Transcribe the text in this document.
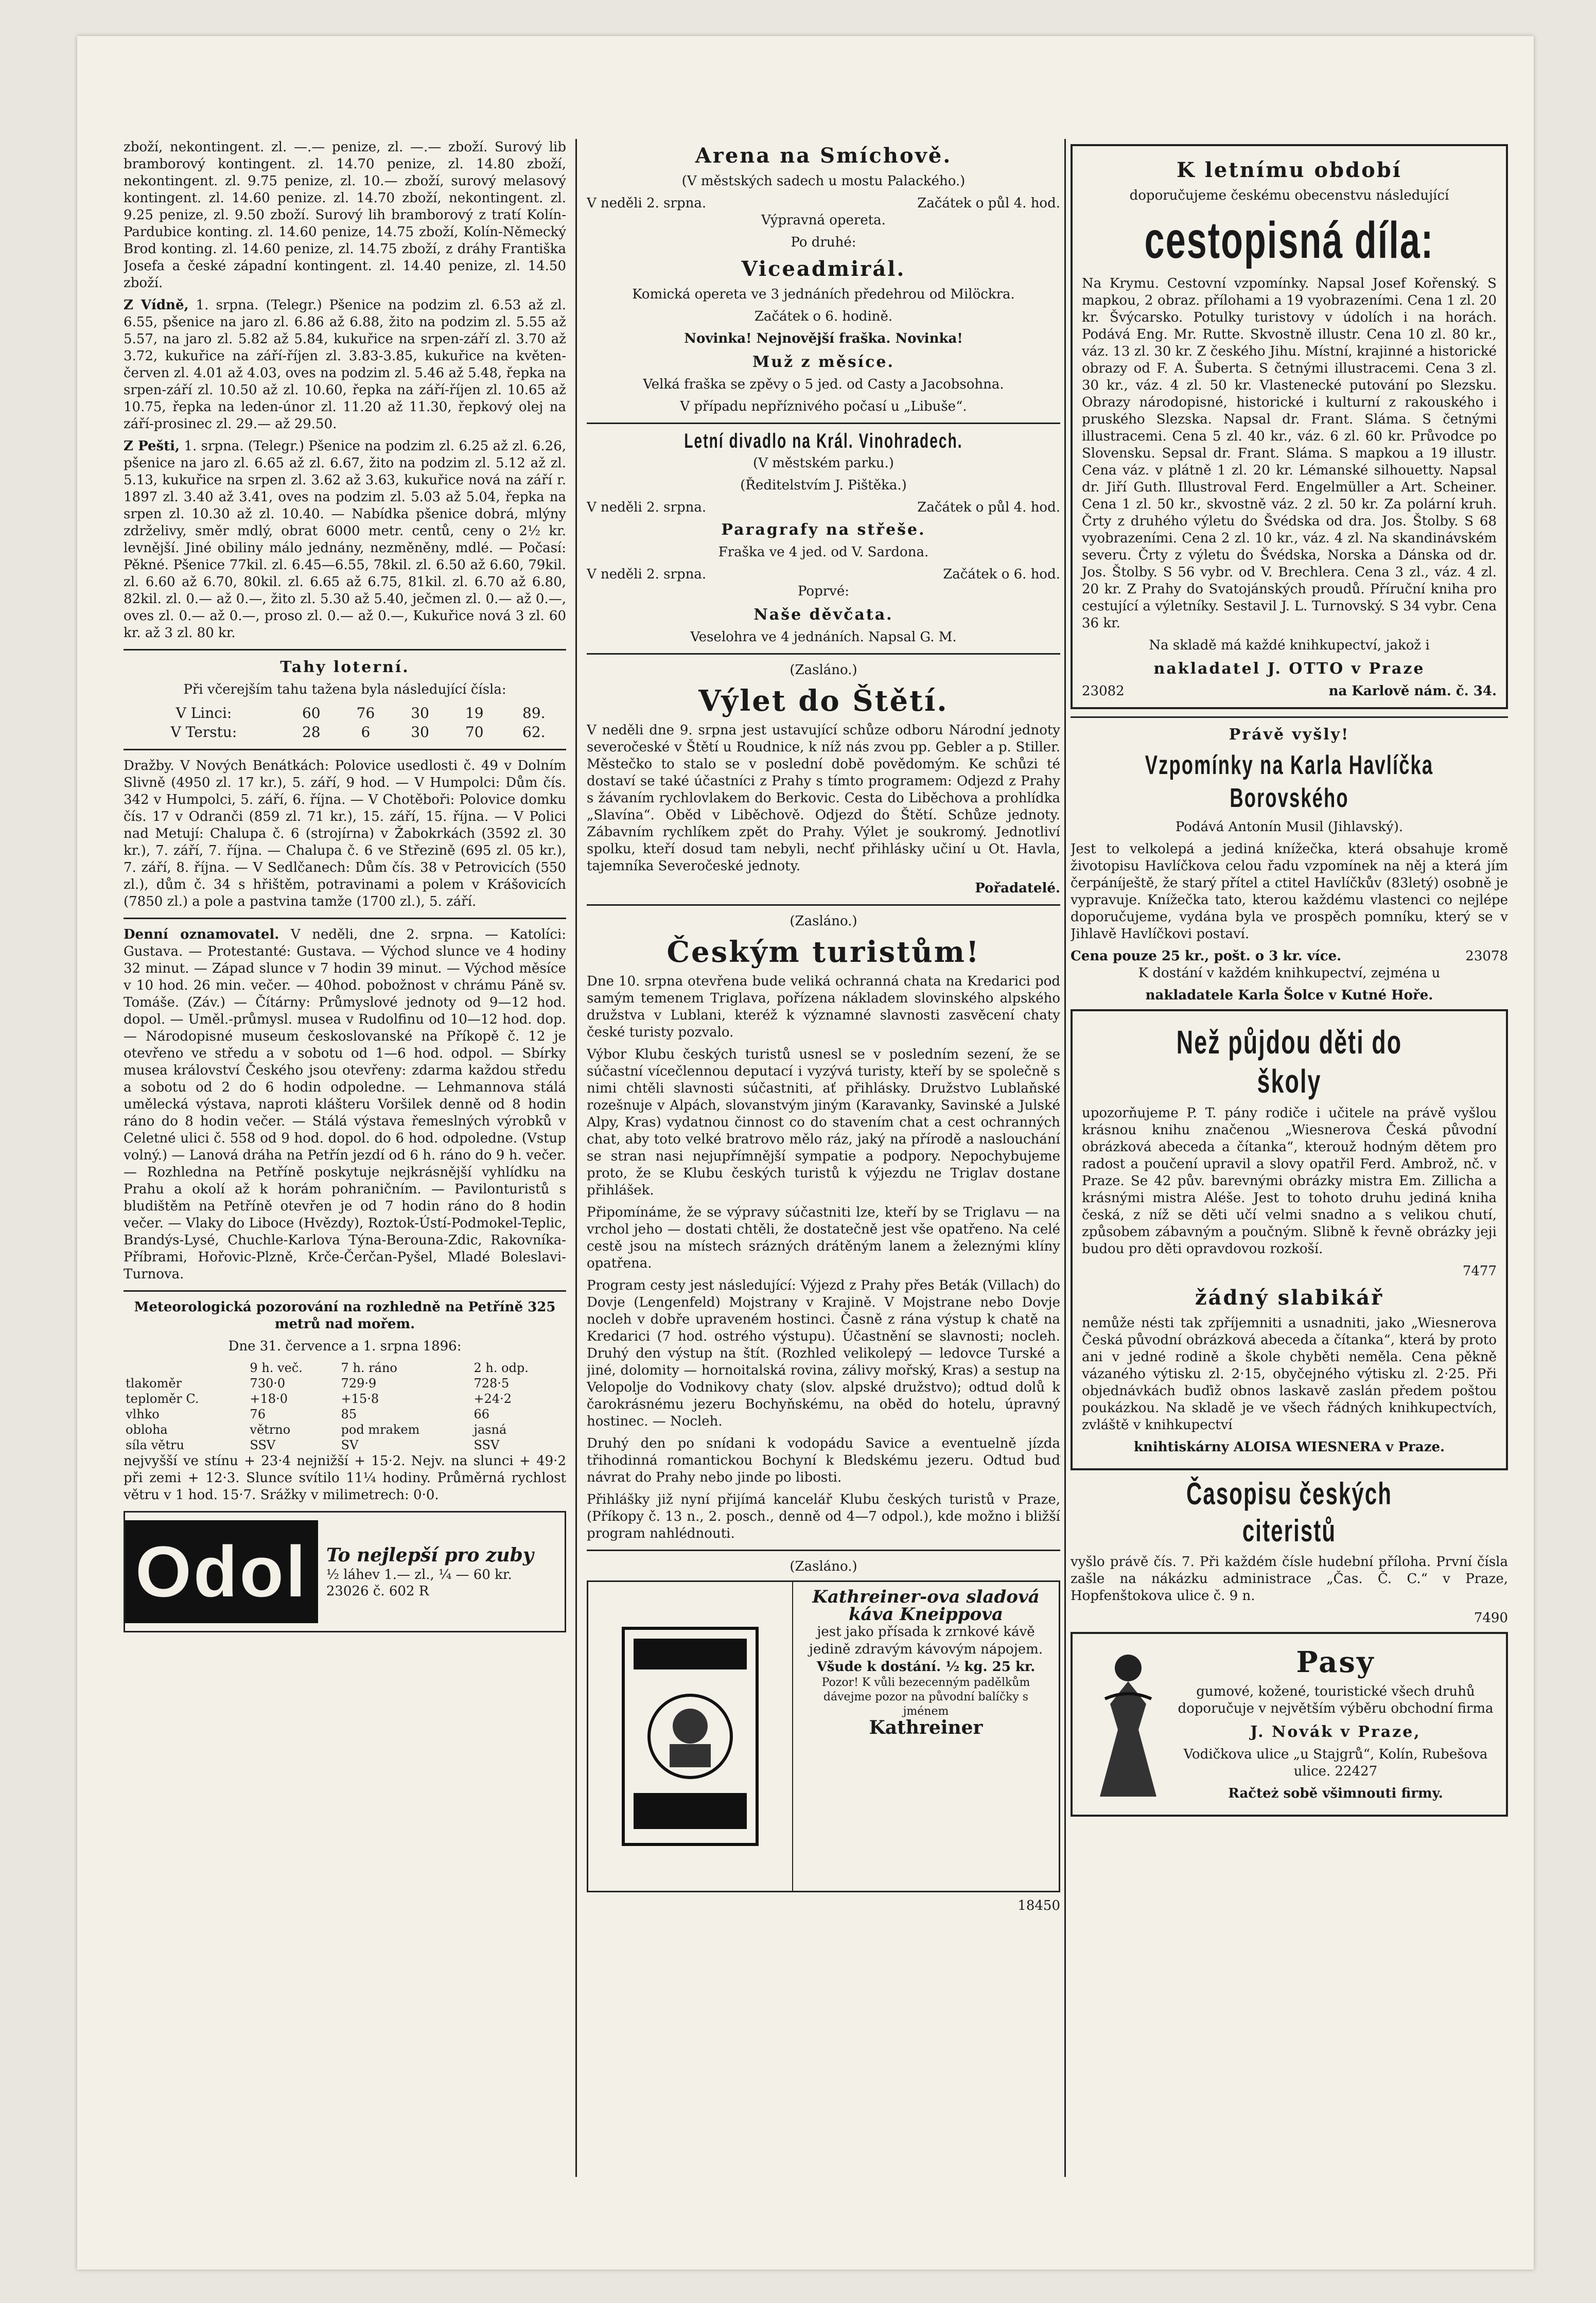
zboží, nekontingent. zl. —.— penize, zl. —.— zboží. Surový lib bramborový kontingent. zl. 14.70 penize, zl. 14.80 zboží, nekontingent. zl. 9.75 penize, zl. 10.— zboží, surový melasový kontingent. zl. 14.60 penize. zl. 14.70 zboží, nekontingent. zl. 9.25 penize, zl. 9.50 zboží. Surový lih bramborový z tratí Kolín-Pardubice konting. zl. 14.60 penize, 14.75 zboží, Kolín-Německý Brod konting. zl. 14.60 penize, zl. 14.75 zboží, z dráhy Františka Josefa a české západní kontingent. zl. 14.40 penize, zl. 14.50 zboží.

Z Vídně, 1. srpna. (Telegr.) Pšenice na podzim zl. 6.53 až zl. 6.55, pšenice na jaro zl. 6.86 až 6.88, žito na podzim zl. 5.55 až 5.57, na jaro zl. 5.82 až 5.84, kukuřice na srpen-září zl. 3.70 až 3.72, kukuřice na září-říjen zl. 3.83-3.85, kukuřice na květen-červen zl. 4.01 až 4.03, oves na podzim zl. 5.46 až 5.48, řepka na srpen-září zl. 10.50 až zl. 10.60, řepka na září-říjen zl. 10.65 až 10.75, řepka na leden-únor zl. 11.20 až 11.30, řepkový olej na září-prosinec zl. 29.— až 29.50.

Z Pešti, 1. srpna. (Telegr.) Pšenice na podzim zl. 6.25 až zl. 6.26, pšenice na jaro zl. 6.65 až zl. 6.67, žito na podzim zl. 5.12 až zl. 5.13, kukuřice na srpen zl. 3.62 až 3.63, kukuřice nová na září r. 1897 zl. 3.40 až 3.41, oves na podzim zl. 5.03 až 5.04, řepka na srpen zl. 10.30 až zl. 10.40. — Nabídka pšenice dobrá, mlýny zdrželivy, směr mdlý, obrat 6000 metr. centů, ceny o 2½ kr. levnější. Jiné obiliny málo jednány, nezměněny, mdlé. — Počasí: Pěkné. Pšenice 77kil. zl. 6.45—6.55, 78kil. zl. 6.50 až 6.60, 79kil. zl. 6.60 až 6.70, 80kil. zl. 6.65 až 6.75, 81kil. zl. 6.70 až 6.80, 82kil. zl. 0.— až 0.—, žito zl. 5.30 až 5.40, ječmen zl. 0.— až 0.—, oves zl. 0.— až 0.—, proso zl. 0.— až 0.—, Kukuřice nová 3 zl. 60 kr. až 3 zl. 80 kr.

Tahy loterní.

Při včerejším tahu tažena byla následující čísla:

V Linci:	60	76	30	19	89.
V Terstu:	28	6	30	70	62.

Dražby. V Nových Benátkách: Polovice usedlosti č. 49 v Dolním Slivně (4950 zl. 17 kr.), 5. září, 9 hod. — V Humpolci: Dům čís. 342 v Humpolci, 5. září, 6. října. — V Chotěboři: Polovice domku čís. 17 v Odranči (859 zl. 71 kr.), 15. září, 15. října. — V Polici nad Metují: Chalupa č. 6 (strojírna) v Žabokrkách (3592 zl. 30 kr.), 7. září, 7. října. — Chalupa č. 6 ve Střezině (695 zl. 05 kr.), 7. září, 8. října. — V Sedlčanech: Dům čís. 38 v Petrovicích (550 zl.), dům č. 34 s hřištěm, potravinami a polem v Krášovicích (7850 zl.) a pole a pastvina tamže (1700 zl.), 5. září.

Denní oznamovatel. V neděli, dne 2. srpna. — Katolíci: Gustava. — Protestanté: Gustava. — Východ slunce ve 4 hodiny 32 minut. — Západ slunce v 7 hodin 39 minut. — Východ měsíce v 10 hod. 26 min. večer. — 40hod. pobožnost v chrámu Páně sv. Tomáše. (Záv.) — Čítárny: Průmyslové jednoty od 9—12 hod. dopol. — Uměl.-průmysl. musea v Rudolfinu od 10—12 hod. dop. — Národopisné museum českoslovanské na Příkopě č. 12 je otevřeno ve středu a v sobotu od 1—6 hod. odpol. — Sbírky musea království Českého jsou otevřeny: zdarma každou středu a sobotu od 2 do 6 hodin odpoledne. — Lehmannova stálá umělecká výstava, naproti klášteru Voršilek denně od 8 hodin ráno do 8 hodin večer. — Stálá výstava řemeslných výrobků v Celetné ulici č. 558 od 9 hod. dopol. do 6 hod. odpoledne. (Vstup volný.) — Lanová dráha na Petřín jezdí od 6 h. ráno do 9 h. večer. — Rozhledna na Petříně poskytuje nejkrásnější vyhlídku na Prahu a okolí až k horám pohraničním. — Pavilonturistů s bludištěm na Petříně otevřen je od 7 hodin ráno do 8 hodin večer. — Vlaky do Liboce (Hvězdy), Roztok-Ústí-Podmokel-Teplic, Brandýs-Lysé, Chuchle-Karlova Týna-Berouna-Zdic, Rakovníka-Příbrami, Hořovic-Plzně, Krče-Čerčan-Pyšel, Mladé Boleslavi-Turnova.

Meteorologická pozorování na rozhledně na Petříně 325 metrů nad mořem.

Dne 31. července a 1. srpna 1896:

	9 h. več.	7 h. ráno	2 h. odp.
tlakoměr	730·0	729·9	728·5
teploměr C.	+18·0	+15·8	+24·2
vlhko	76	85	66
obloha	větrno	pod mrakem	jasná
síla větru	SSV	SV	SSV

nejvyšší ve stínu + 23·4 nejnižší + 15·2. Nejv. na slunci + 49·2 při zemi + 12·3. Slunce svítilo 11¼ hodiny. Průměrná rychlost větru v 1 hod. 15·7. Srážky v milimetrech: 0·0.

Odol	To nejlepší pro zuby
½ láhev 1.— zl., ¼ — 60 kr.
23026 č. 602 R
Arena na Smíchově.

(V městských sadech u mostu Palackého.)

V neděli 2. srpna.	Začátek o půl 4. hod.

Výpravná opereta.

Po druhé:

Viceadmirál.

Komická opereta ve 3 jednáních předehrou od Milöckra.

Začátek o 6. hodině.

Novinka! Nejnovější fraška. Novinka!

Muž z měsíce.

Velká fraška se zpěvy o 5 jed. od Casty a Jacobsohna.

V případu nepříznivého počasí u „Libuše“.

Letní divadlo na Král. Vinohradech.

(V městském parku.)

(Ředitelstvím J. Pištěka.)

V neděli 2. srpna.	Začátek o půl 4. hod.
Paragrafy na střeše.

Fraška ve 4 jed. od V. Sardona.

V neděli 2. srpna.	Začátek o 6. hod.

Poprvé:

Naše děvčata.

Veselohra ve 4 jednáních. Napsal G. M.

(Zasláno.)

Výlet do Štětí.

V neděli dne 9. srpna jest ustavující schůze odboru Národní jednoty severočeské v Štětí u Roudnice, k níž nás zvou pp. Gebler a p. Stiller. Městečko to stalo se v poslední době povědomým. Ke schůzi té dostaví se také účastníci z Prahy s tímto programem: Odjezd z Prahy s žávaním rychlovlakem do Berkovic. Cesta do Liběchova a prohlídka „Slavína“. Oběd v Liběchově. Odjezd do Štětí. Schůze jednoty. Zábavním rychlíkem zpět do Prahy. Výlet je soukromý. Jednotliví spolku, kteří dosud tam nebyli, nechť přihlásky učiní u Ot. Havla, tajemníka Severočeské jednoty.

Pořadatelé.

(Zasláno.)

Českým turistům!

Dne 10. srpna otevřena bude veliká ochranná chata na Kredarici pod samým temenem Triglava, pořízena nákladem slovinského alpského družstva v Lublani, kteréž k významné slavnosti zasvěcení chaty české turisty pozvalo.

Výbor Klubu českých turistů usnesl se v posledním sezení, že se súčastní vícečlennou deputací i vyzývá turisty, kteří by se společně s nimi chtěli slavnosti súčastniti, ať přihlásky. Družstvo Lublaňské rozešnuje v Alpách, slovanstvým jiným (Karavanky, Savinské a Julské Alpy, Kras) vydatnou činnost co do stavením chat a cest ochranných chat, aby toto velké bratrovo mělo ráz, jaký na přírodě a naslouchání se stran nasi nejupřímnější sympatie a podpory. Nepochybujeme proto, že se Klubu českých turistů k výjezdu ne Triglav dostane přihlášek.

Připomínáme, že se výpravy súčastniti lze, kteří by se Triglavu — na vrchol jeho — dostati chtěli, že dostatečně jest vše opatřeno. Na celé cestě jsou na místech srázných drátěným lanem a železnými klíny opatřena.

Program cesty jest následující: Výjezd z Prahy přes Beták (Villach) do Dovje (Lengenfeld) Mojstrany v Krajině. V Mojstrane nebo Dovje nocleh v dobře upraveném hostinci. Časně z rána výstup k chatě na Kredarici (7 hod. ostrého výstupu). Účastnění se slavnosti; nocleh. Druhý den výstup na štít. (Rozhled velikolepý — ledovce Turské a jiné, dolomity — hornoitalská rovina, zálivy mořský, Kras) a sestup na Velopolje do Vodnikovy chaty (slov. alpské družstvo); odtud dolů k čarokrásnému jezeru Bochyňskému, na oběd do hotelu, úpravný hostinec. — Nocleh.

Druhý den po snídani k vodopádu Savice a eventuelně jízda třihodinná romantickou Bochyní k Bledskému jezeru. Odtud buď návrat do Prahy nebo jinde po libosti.

Přihlášky již nyní přijímá kancelář Klubu českých turistů v Praze, (Příkopy č. 13 n., 2. posch., denně od 4—7 odpol.), kde možno i bližší program nahlédnouti.

(Zasláno.)

Kathreiner-ova sladová káva Kneippova
jest jako přísada k zrnkové kávě jedině zdravým kávovým nápojem.
Všude k dostání. ½ kg. 25 kr.
Pozor! K vůli bezecenným padělkům dávejme pozor na původní balíčky s jménem
Kathreiner

18450

K letnímu období

doporučujeme českému obecenstvu následující

cestopisná díla:

Na Krymu. Cestovní vzpomínky. Napsal Josef Kořenský. S mapkou, 2 obraz. přílohami a 19 vyobrazeními. Cena 1 zl. 20 kr. Švýcarsko. Potulky turistovy v údolích i na horách. Podává Eng. Mr. Rutte. Skvostně illustr. Cena 10 zl. 80 kr., váz. 13 zl. 30 kr. Z českého Jihu. Místní, krajinné a historické obrazy od F. A. Šuberta. S četnými illustracemi. Cena 3 zl. 30 kr., váz. 4 zl. 50 kr. Vlastenecké putování po Slezsku. Obrazy národopisné, historické i kulturní z rakouského i pruského Slezska. Napsal dr. Frant. Sláma. S četnými illustracemi. Cena 5 zl. 40 kr., váz. 6 zl. 60 kr. Průvodce po Slovensku. Sepsal dr. Frant. Sláma. S mapkou a 19 illustr. Cena váz. v plátně 1 zl. 20 kr. Lémanské silhouetty. Napsal dr. Jiří Guth. Illustroval Ferd. Engelmüller a Art. Scheiner. Cena 1 zl. 50 kr., skvostně váz. 2 zl. 50 kr. Za polární kruh. Črty z druhého výletu do Švédska od dra. Jos. Štolby. S 68 vyobrazeními. Cena 2 zl. 10 kr., váz. 4 zl. Na skandinávském severu. Črty z výletu do Švédska, Norska a Dánska od dr. Jos. Štolby. S 56 vybr. od V. Brechlera. Cena 3 zl., váz. 4 zl. 20 kr. Z Prahy do Svatojánských proudů. Příruční kniha pro cestující a výletníky. Sestavil J. L. Turnovský. S 34 vybr. Cena 36 kr.

Na skladě má každé knihkupectví, jakož i

nakladatel J. OTTO v Praze
23082	na Karlově nám. č. 34.
Právě vyšly!
Vzpomínky na Karla Havlíčka Borovského

Podává Antonín Musil (Jihlavský).

Jest to velkolepá a jediná knížečka, která obsahuje kromě životopisu Havlíčkova celou řadu vzpomínek na něj a která jím čerpáníještě, že starý přítel a ctitel Havlíčkův (83letý) osobně je vypravuje. Knížečka tato, kterou každému vlastenci co nejlépe doporučujeme, vydána byla ve prospěch pomníku, který se v Jihlavě Havlíčkovi postaví.

Cena pouze 25 kr., pošt. o 3 kr. více.	23078

K dostání v každém knihkupectví, zejména u

nakladatele Karla Šolce v Kutné Hoře.

Než půjdou děti do školy

upozorňujeme P. T. pány rodiče i učitele na právě vyšlou krásnou knihu značenou „Wiesnerova Česká původní obrázková abeceda a čítanka“, kterouž hodným dětem pro radost a poučení upravil a slovy opatřil Ferd. Ambrož, nč. v Praze. Se 42 pův. barevnými obrázky mistra Em. Zillicha a krásnými mistra Aléše. Jest to tohoto druhu jediná kniha česká, z níž se děti učí velmi snadno a s velikou chutí, způsobem zábavným a poučným. Slibně k řevně obrázky jeji budou pro děti opravdovou rozkoší.

7477

žádný slabikář

nemůže nésti tak zpříjemniti a usnadniti, jako „Wiesnerova Česká původní obrázková abeceda a čítanka“, která by proto ani v jedné rodině a škole chyběti neměla. Cena pěkně vázaného výtisku zl. 2·15, obyčejného výtisku zl. 2·25. Při objednávkách buďiž obnos laskavě zaslán předem poštou poukázkou. Na skladě je ve všech řádných knihkupectvích, zvláště v knihkupectví

knihtiskárny ALOISA WIESNERA v Praze.

Časopisu českých citeristů

vyšlo právě čís. 7. Při každém čísle hudební příloha. První čísla zašle na nákázku administrace „Čas. Č. C.“ v Praze, Hopfenštokova ulice č. 9 n.

7490

Pasy

gumové, kožené, touristické všech druhů doporučuje v největším výběru obchodní firma

J. Novák v Praze,

Vodičkova ulice „u Stajgrů“, Kolín, Rubešova ulice. 22427

Račteż sobě všimnouti firmy.
